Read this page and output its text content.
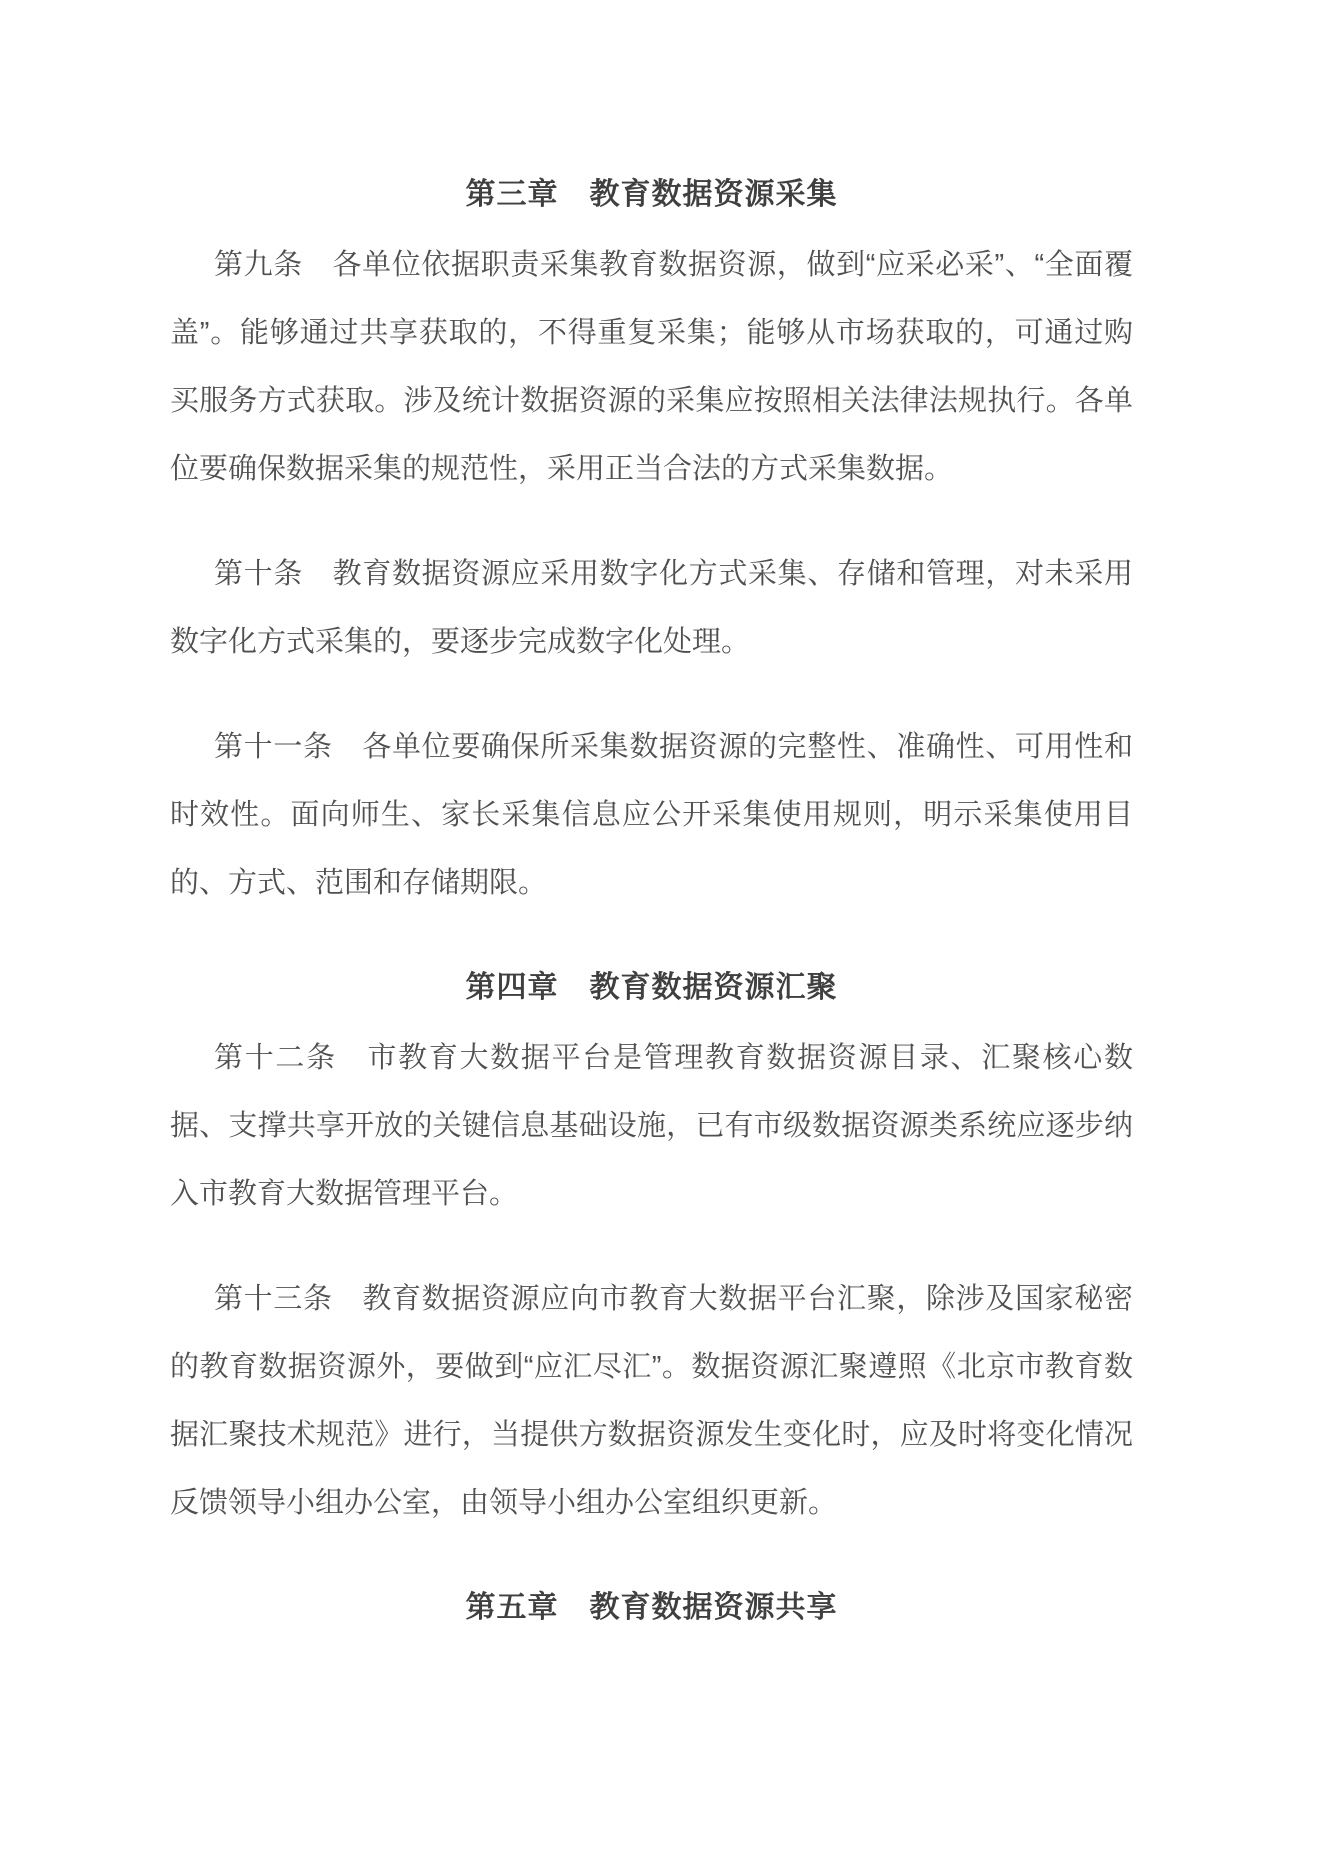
第三章　教育数据资源采集

第九条　各单位依据职责采集教育数据资源，做到“应采必采”、“全面覆盖”。能够通过共享获取的，不得重复采集；能够从市场获取的，可通过购买服务方式获取。涉及统计数据资源的采集应按照相关法律法规执行。各单位要确保数据采集的规范性，采用正当合法的方式采集数据。

第十条　教育数据资源应采用数字化方式采集、存储和管理，对未采用数字化方式采集的，要逐步完成数字化处理。

第十一条　各单位要确保所采集数据资源的完整性、准确性、可用性和时效性。面向师生、家长采集信息应公开采集使用规则，明示采集使用目的、方式、范围和存储期限。

第四章　教育数据资源汇聚

第十二条　市教育大数据平台是管理教育数据资源目录、汇聚核心数据、支撑共享开放的关键信息基础设施，已有市级数据资源类系统应逐步纳入市教育大数据管理平台。

第十三条　教育数据资源应向市教育大数据平台汇聚，除涉及国家秘密的教育数据资源外，要做到“应汇尽汇”。数据资源汇聚遵照《北京市教育数据汇聚技术规范》进行，当提供方数据资源发生变化时，应及时将变化情况反馈领导小组办公室，由领导小组办公室组织更新。

第五章　教育数据资源共享
